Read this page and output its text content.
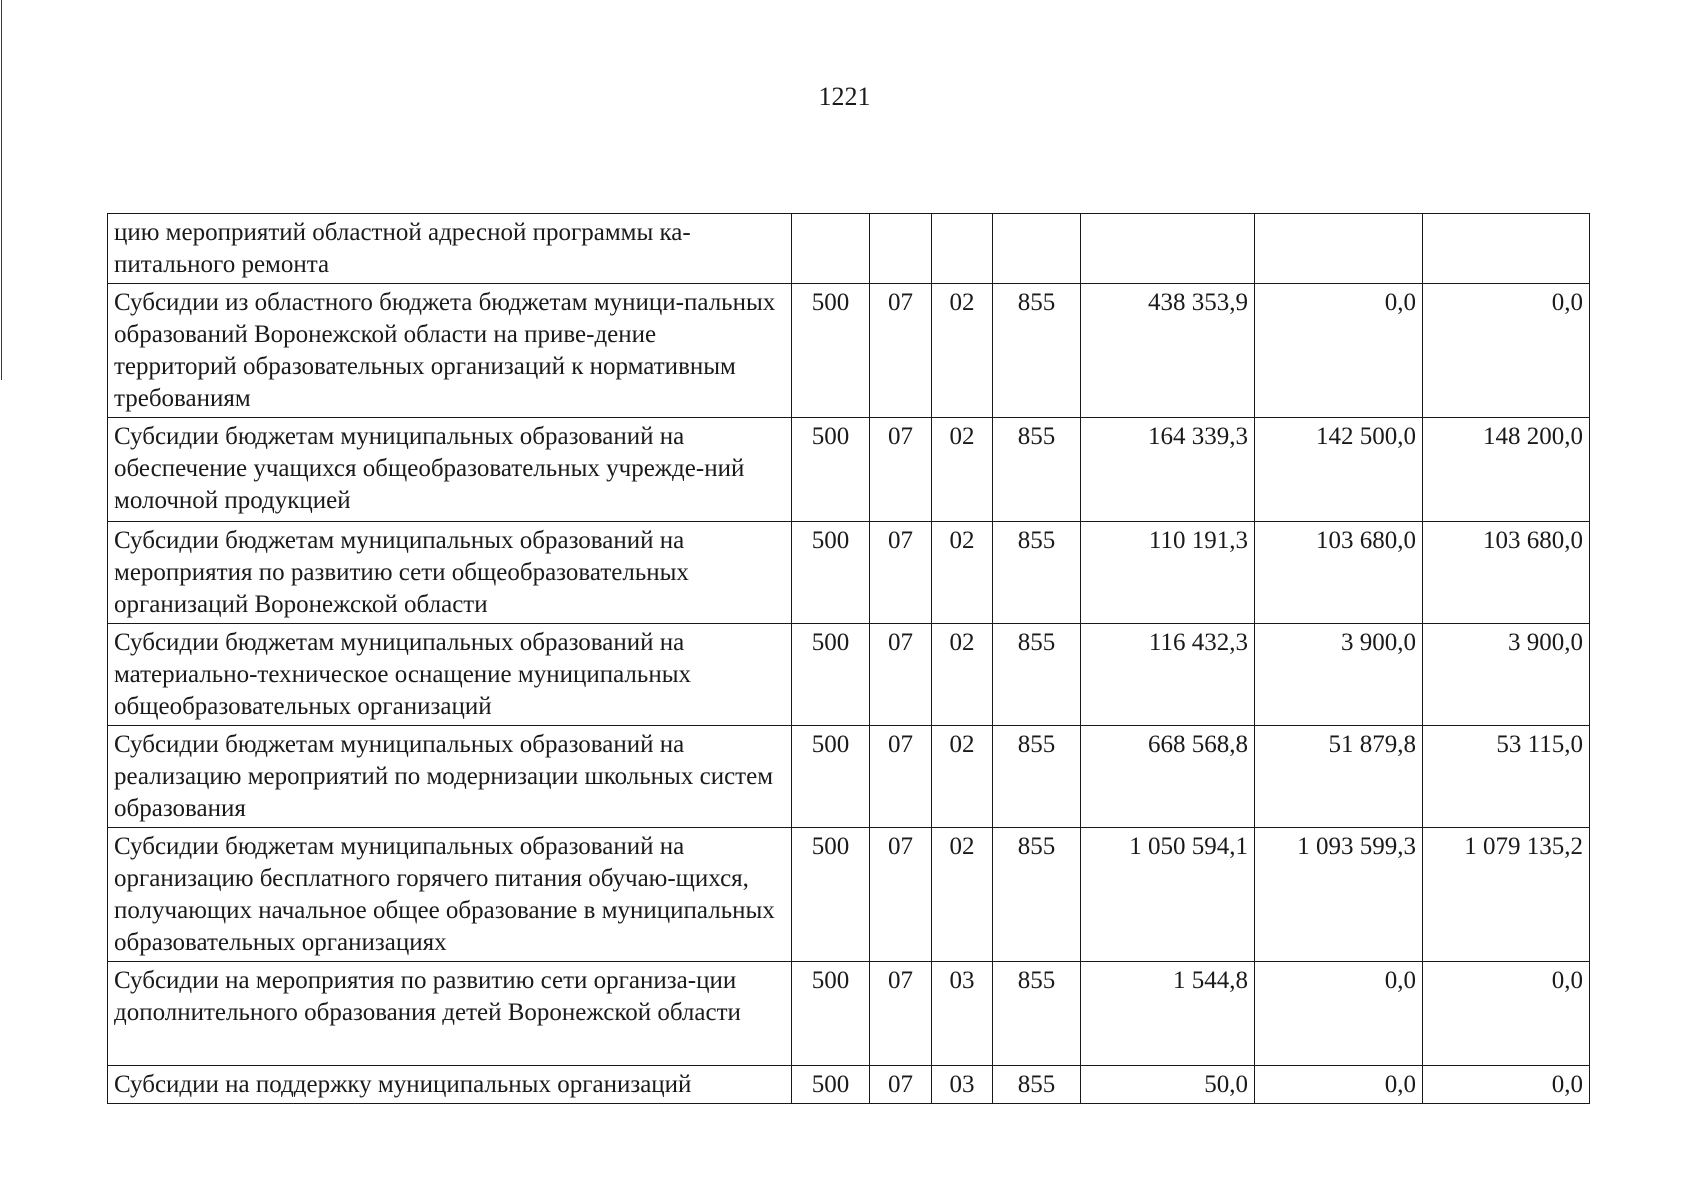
1221
цию мероприятий областной адресной программы ка-питального ремонта							
Субсидии из областного бюджета бюджетам муници-пальных образований Воронежской области на приве-дение территорий образовательных организаций к нормативным требованиям	500	07	02	855	438 353,9	0,0	0,0
Субсидии бюджетам муниципальных образований на обеспечение учащихся общеобразовательных учрежде-ний молочной продукцией	500	07	02	855	164 339,3	142 500,0	148 200,0
Субсидии бюджетам муниципальных образований на мероприятия по развитию сети общеобразовательных организаций Воронежской области	500	07	02	855	110 191,3	103 680,0	103 680,0
Субсидии бюджетам муниципальных образований на материально-техническое оснащение муниципальных общеобразовательных организаций	500	07	02	855	116 432,3	3 900,0	3 900,0
Субсидии бюджетам муниципальных образований на реализацию мероприятий по модернизации школьных систем образования	500	07	02	855	668 568,8	51 879,8	53 115,0
Субсидии бюджетам муниципальных образований на организацию бесплатного горячего питания обучаю-щихся, получающих начальное общее образование в муниципальных образовательных организациях	500	07	02	855	1 050 594,1	1 093 599,3	1 079 135,2
Субсидии на мероприятия по развитию сети организа-ции дополнительного образования детей Воронежской области	500	07	03	855	1 544,8	0,0	0,0
Субсидии на поддержку муниципальных организаций	500	07	03	855	50,0	0,0	0,0
